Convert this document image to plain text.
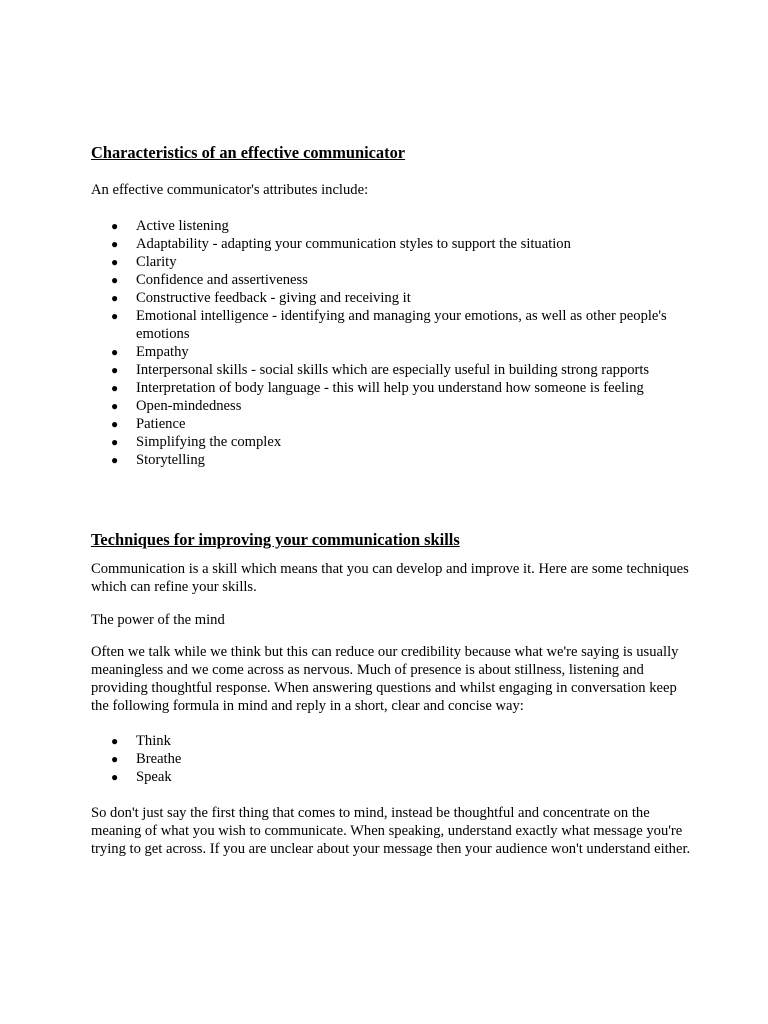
Characteristics of an effective communicator

An effective communicator's attributes include:

● Active listening
● Adaptability - adapting your communication styles to support the situation
● Clarity
● Confidence and assertiveness
● Constructive feedback - giving and receiving it
● Emotional intelligence - identifying and managing your emotions, as well as other people's emotions
● Empathy
● Interpersonal skills - social skills which are especially useful in building strong rapports
● Interpretation of body language - this will help you understand how someone is feeling
● Open-mindedness
● Patience
● Simplifying the complex
● Storytelling
Techniques for improving your communication skills

Communication is a skill which means that you can develop and improve it. Here are some techniques which can refine your skills.

The power of the mind

Often we talk while we think but this can reduce our credibility because what we're saying is usually meaningless and we come across as nervous. Much of presence is about stillness, listening and providing thoughtful response. When answering questions and whilst engaging in conversation keep the following formula in mind and reply in a short, clear and concise way:

● Think
● Breathe
● Speak

So don't just say the first thing that comes to mind, instead be thoughtful and concentrate on the meaning of what you wish to communicate. When speaking, understand exactly what message you're trying to get across. If you are unclear about your message then your audience won't understand either.
